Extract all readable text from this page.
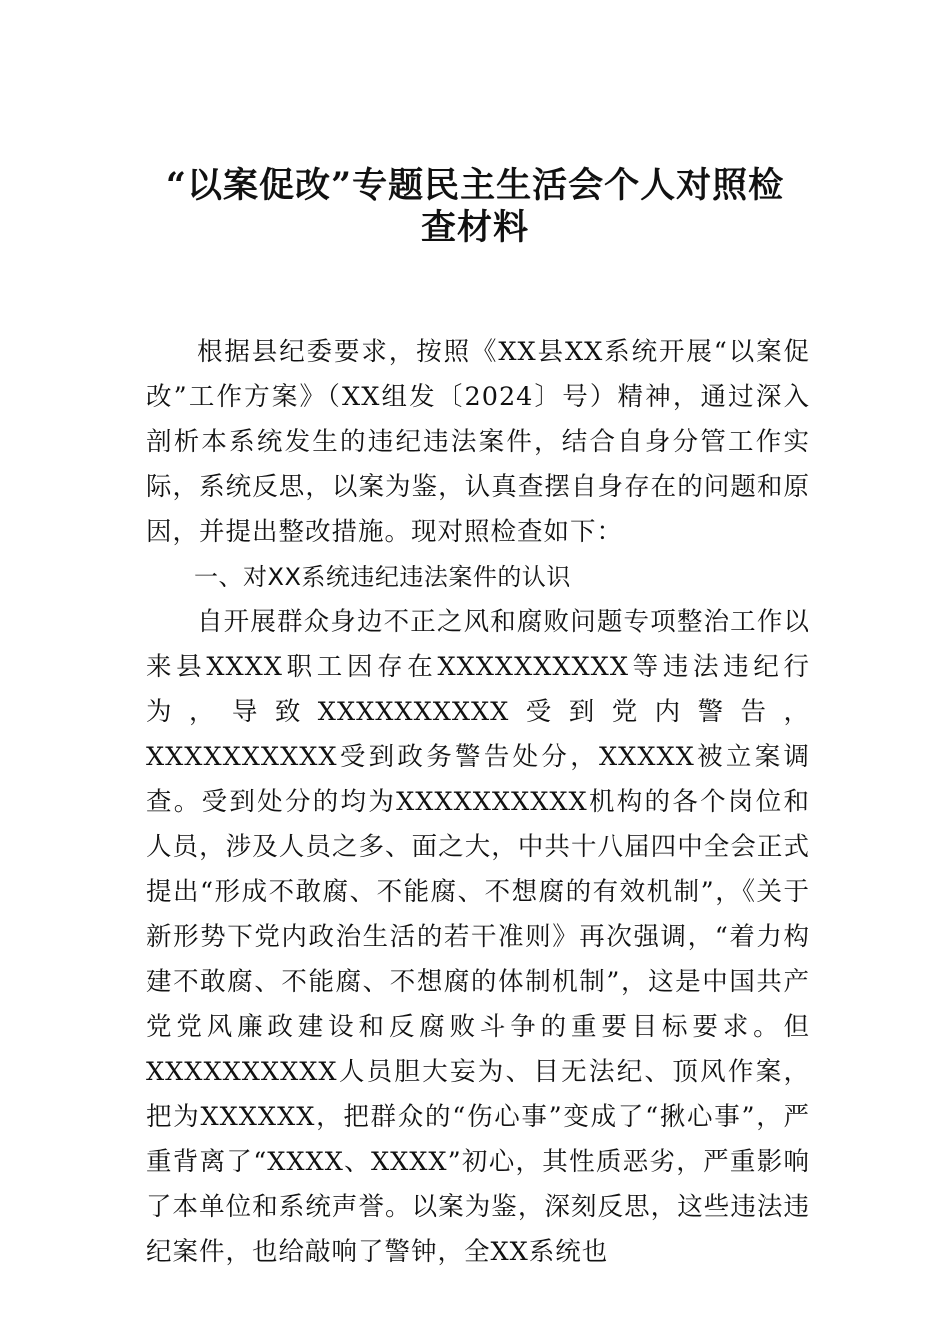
“以案促改”专题民主生活会个人对照检
查材料

根据县纪委要求，按照《XX县XX系统开展“以案促改”工作方案》（XX组发〔2024〕号）精神，通过深入剖析本系统发生的违纪违法案件，结合自身分管工作实际，系统反思，以案为鉴，认真查摆自身存在的问题和原因，并提出整改措施。现对照检查如下：

一、对XX系统违纪违法案件的认识

自开展群众身边不正之风和腐败问题专项整治工作以来县XXXX职工因存在XXXXXXXXXX等违法违纪行为，导致XXXXXXXXXX受到党内警告，XXXXXXXXXX受到政务警告处分，XXXXX被立案调查。受到处分的均为XXXXXXXXXX机构的各个岗位和人员，涉及人员之多、面之大，中共十八届四中全会正式提出“形成不敢腐、不能腐、不想腐的有效机制”，《关于新形势下党内政治生活的若干准则》再次强调，“着力构建不敢腐、不能腐、不想腐的体制机制”，这是中国共产党党风廉政建设和反腐败斗争的重要目标要求。但XXXXXXXXXX人员胆大妄为、目无法纪、顶风作案，把为XXXXXX，把群众的“伤心事”变成了“揪心事”，严重背离了“XXXX、XXXX”初心，其性质恶劣，严重影响了本单位和系统声誉。以案为鉴，深刻反思，这些违法违纪案件，也给敲响了警钟，全XX系统也
